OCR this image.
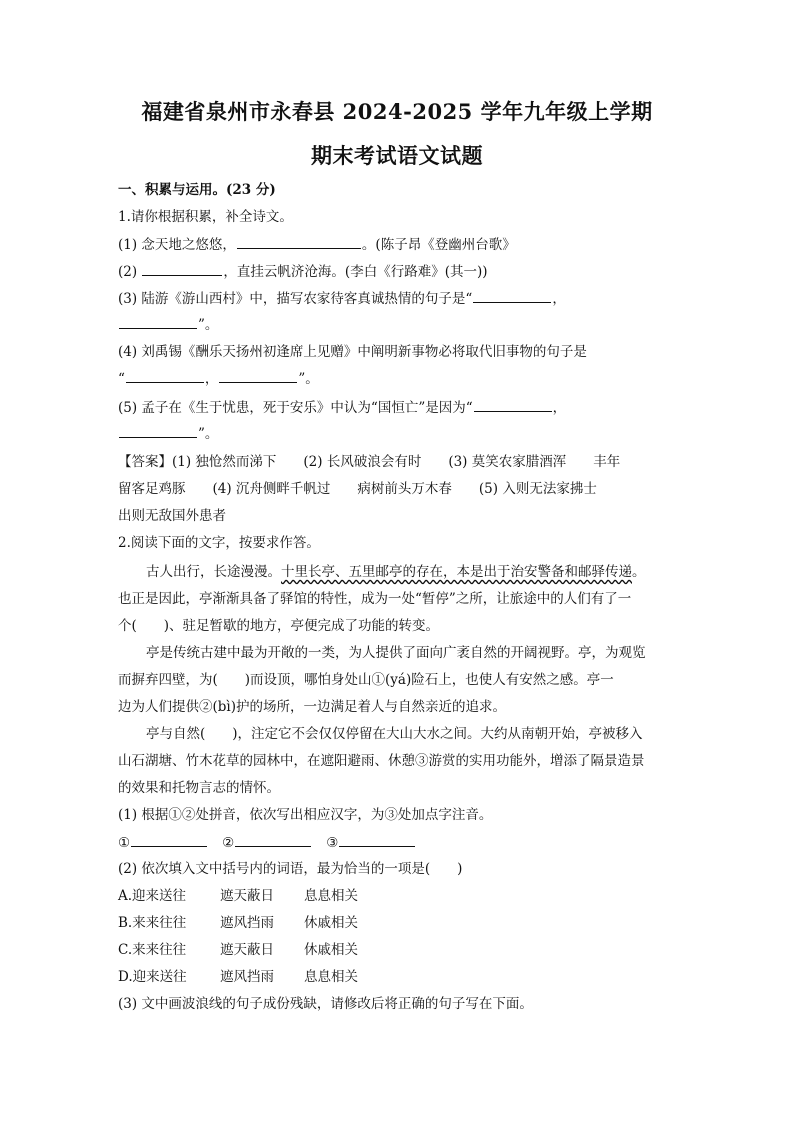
福建省泉州市永春县 2024-2025 学年九年级上学期
期末考试语文试题
一、积累与运用。(23 分)
1.请你根据积累，补全诗文。
(1) 念天地之悠悠，	。(陈子昂《登幽州台歌》
(2)	，直挂云帆济沧海。(李白《行路难》(其一))
(3) 陆游《游山西村》中，描写农家待客真诚热情的句子是“	，
”。
(4) 刘禹锡《酬乐天扬州初逢席上见赠》中阐明新事物必将取代旧事物的句子是
“	，	”。
(5) 孟子在《生于忧患，死于安乐》中认为“国恒亡”是因为“	，
”。
【答案】(1) 独怆然而涕下　　(2) 长风破浪会有时　　(3) 莫笑农家腊酒浑　　丰年
留客足鸡豚　　(4) 沉舟侧畔千帆过　　病树前头万木春　　(5) 入则无法家拂士
出则无敌国外患者
2.阅读下面的文字，按要求作答。
古人出行，长途漫漫。十里长亭、五里邮亭的存在，本是出于治安警备和邮驿传递。
也正是因此，亭渐渐具备了驿馆的特性，成为一处“暂停”之所，让旅途中的人们有了一
个(　　)、驻足暂歇的地方，亭便完成了功能的转变。
亭是传统古建中最为开敞的一类，为人提供了面向广袤自然的开阔视野。亭，为观览
而摒弃四壁，为(　　)而设顶，哪怕身处山①(yá)险石上，也使人有安然之感。亭一
边为人们提供②(bì)护的场所，一边满足着人与自然亲近的追求。
亭与自然(　　)，注定它不会仅仅停留在大山大水之间。大约从南朝开始，亭被移入
山石湖塘、竹木花草的园林中，在遮阳避雨、休憩③游赏的实用功能外，增添了隔景造景
的效果和托物言志的情怀。
(1) 根据①②处拼音，依次写出相应汉字，为③处加点字注音。
①	②	③
(2) 依次填入文中括号内的词语，最为恰当的一项是(　　)
A.迎来送往	遮天蔽日 息息相关
B.来来往往	遮风挡雨 休戚相关
C.来来往往	遮天蔽日 休戚相关
D.迎来送往 遮风挡雨 息息相关
(3) 文中画波浪线的句子成份残缺，请修改后将正确的句子写在下面。
